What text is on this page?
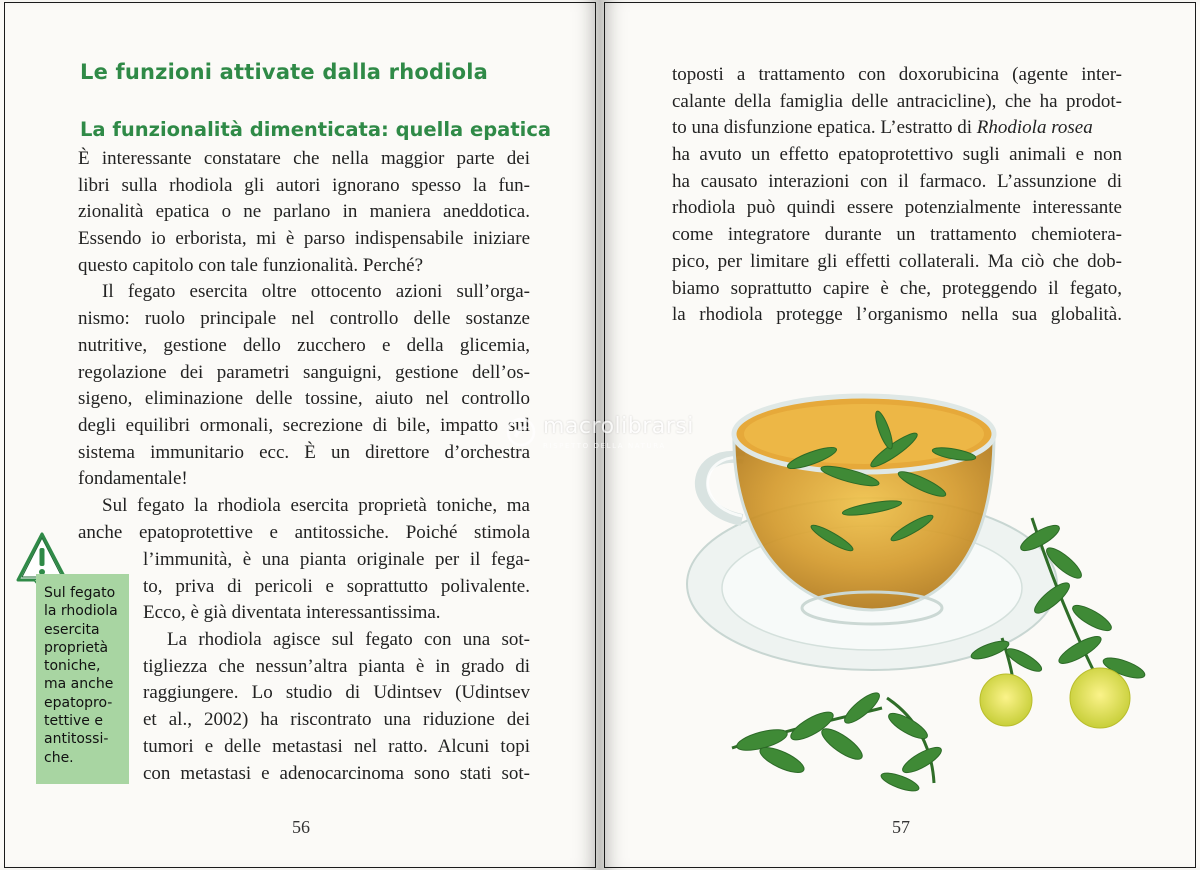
Le funzioni attivate dalla rhodiola
La funzionalità dimenticata: quella epatica
È interessante constatare che nella maggior parte dei
libri sulla rhodiola gli autori ignorano spesso la fun-
zionalità epatica o ne parlano in maniera aneddotica.
Essendo io erborista, mi è parso indispensabile iniziare
questo capitolo con tale funzionalità. Perché?
Il fegato esercita oltre ottocento azioni sull’orga-
nismo: ruolo principale nel controllo delle sostanze
nutritive, gestione dello zucchero e della glicemia,
regolazione dei parametri sanguigni, gestione dell’os-
sigeno, eliminazione delle tossine, aiuto nel controllo
degli equilibri ormonali, secrezione di bile, impatto sul
sistema immunitario ecc. È un direttore d’orchestra
fondamentale!
Sul fegato la rhodiola esercita proprietà toniche, ma
anche epatoprotettive e antitossiche. Poiché stimola
l’immunità, è una pianta originale per il fega-
to, priva di pericoli e soprattutto polivalente.
Ecco, è già diventata interessantissima.
La rhodiola agisce sul fegato con una sot-
tigliezza che nessun’altra pianta è in grado di
raggiungere. Lo studio di Udintsev (Udintsev
et al., 2002) ha riscontrato una riduzione dei
tumori e delle metastasi nel ratto. Alcuni topi
con metastasi e adenocarcinoma sono stati sot-
Sul fegato
la rhodiola
esercita
proprietà
toniche,
ma anche
epatopro-
tettive e
antitossi-
che.
56
toposti a trattamento con doxorubicina (agente inter-
calante della famiglia delle antracicline), che ha prodot-
to una disfunzione epatica. L’estratto di Rhodiola rosea
ha avuto un effetto epatoprotettivo sugli animali e non
ha causato interazioni con il farmaco. L’assunzione di
rhodiola può quindi essere potenzialmente interessante
come integratore durante un trattamento chemiotera-
pico, per limitare gli effetti collaterali. Ma ciò che dob-
biamo soprattutto capire è che, proteggendo il fegato,
la rhodiola protegge l’organismo nella sua globalità.
57
macrolibrarsi
RISPETTO DELLA NATURA
